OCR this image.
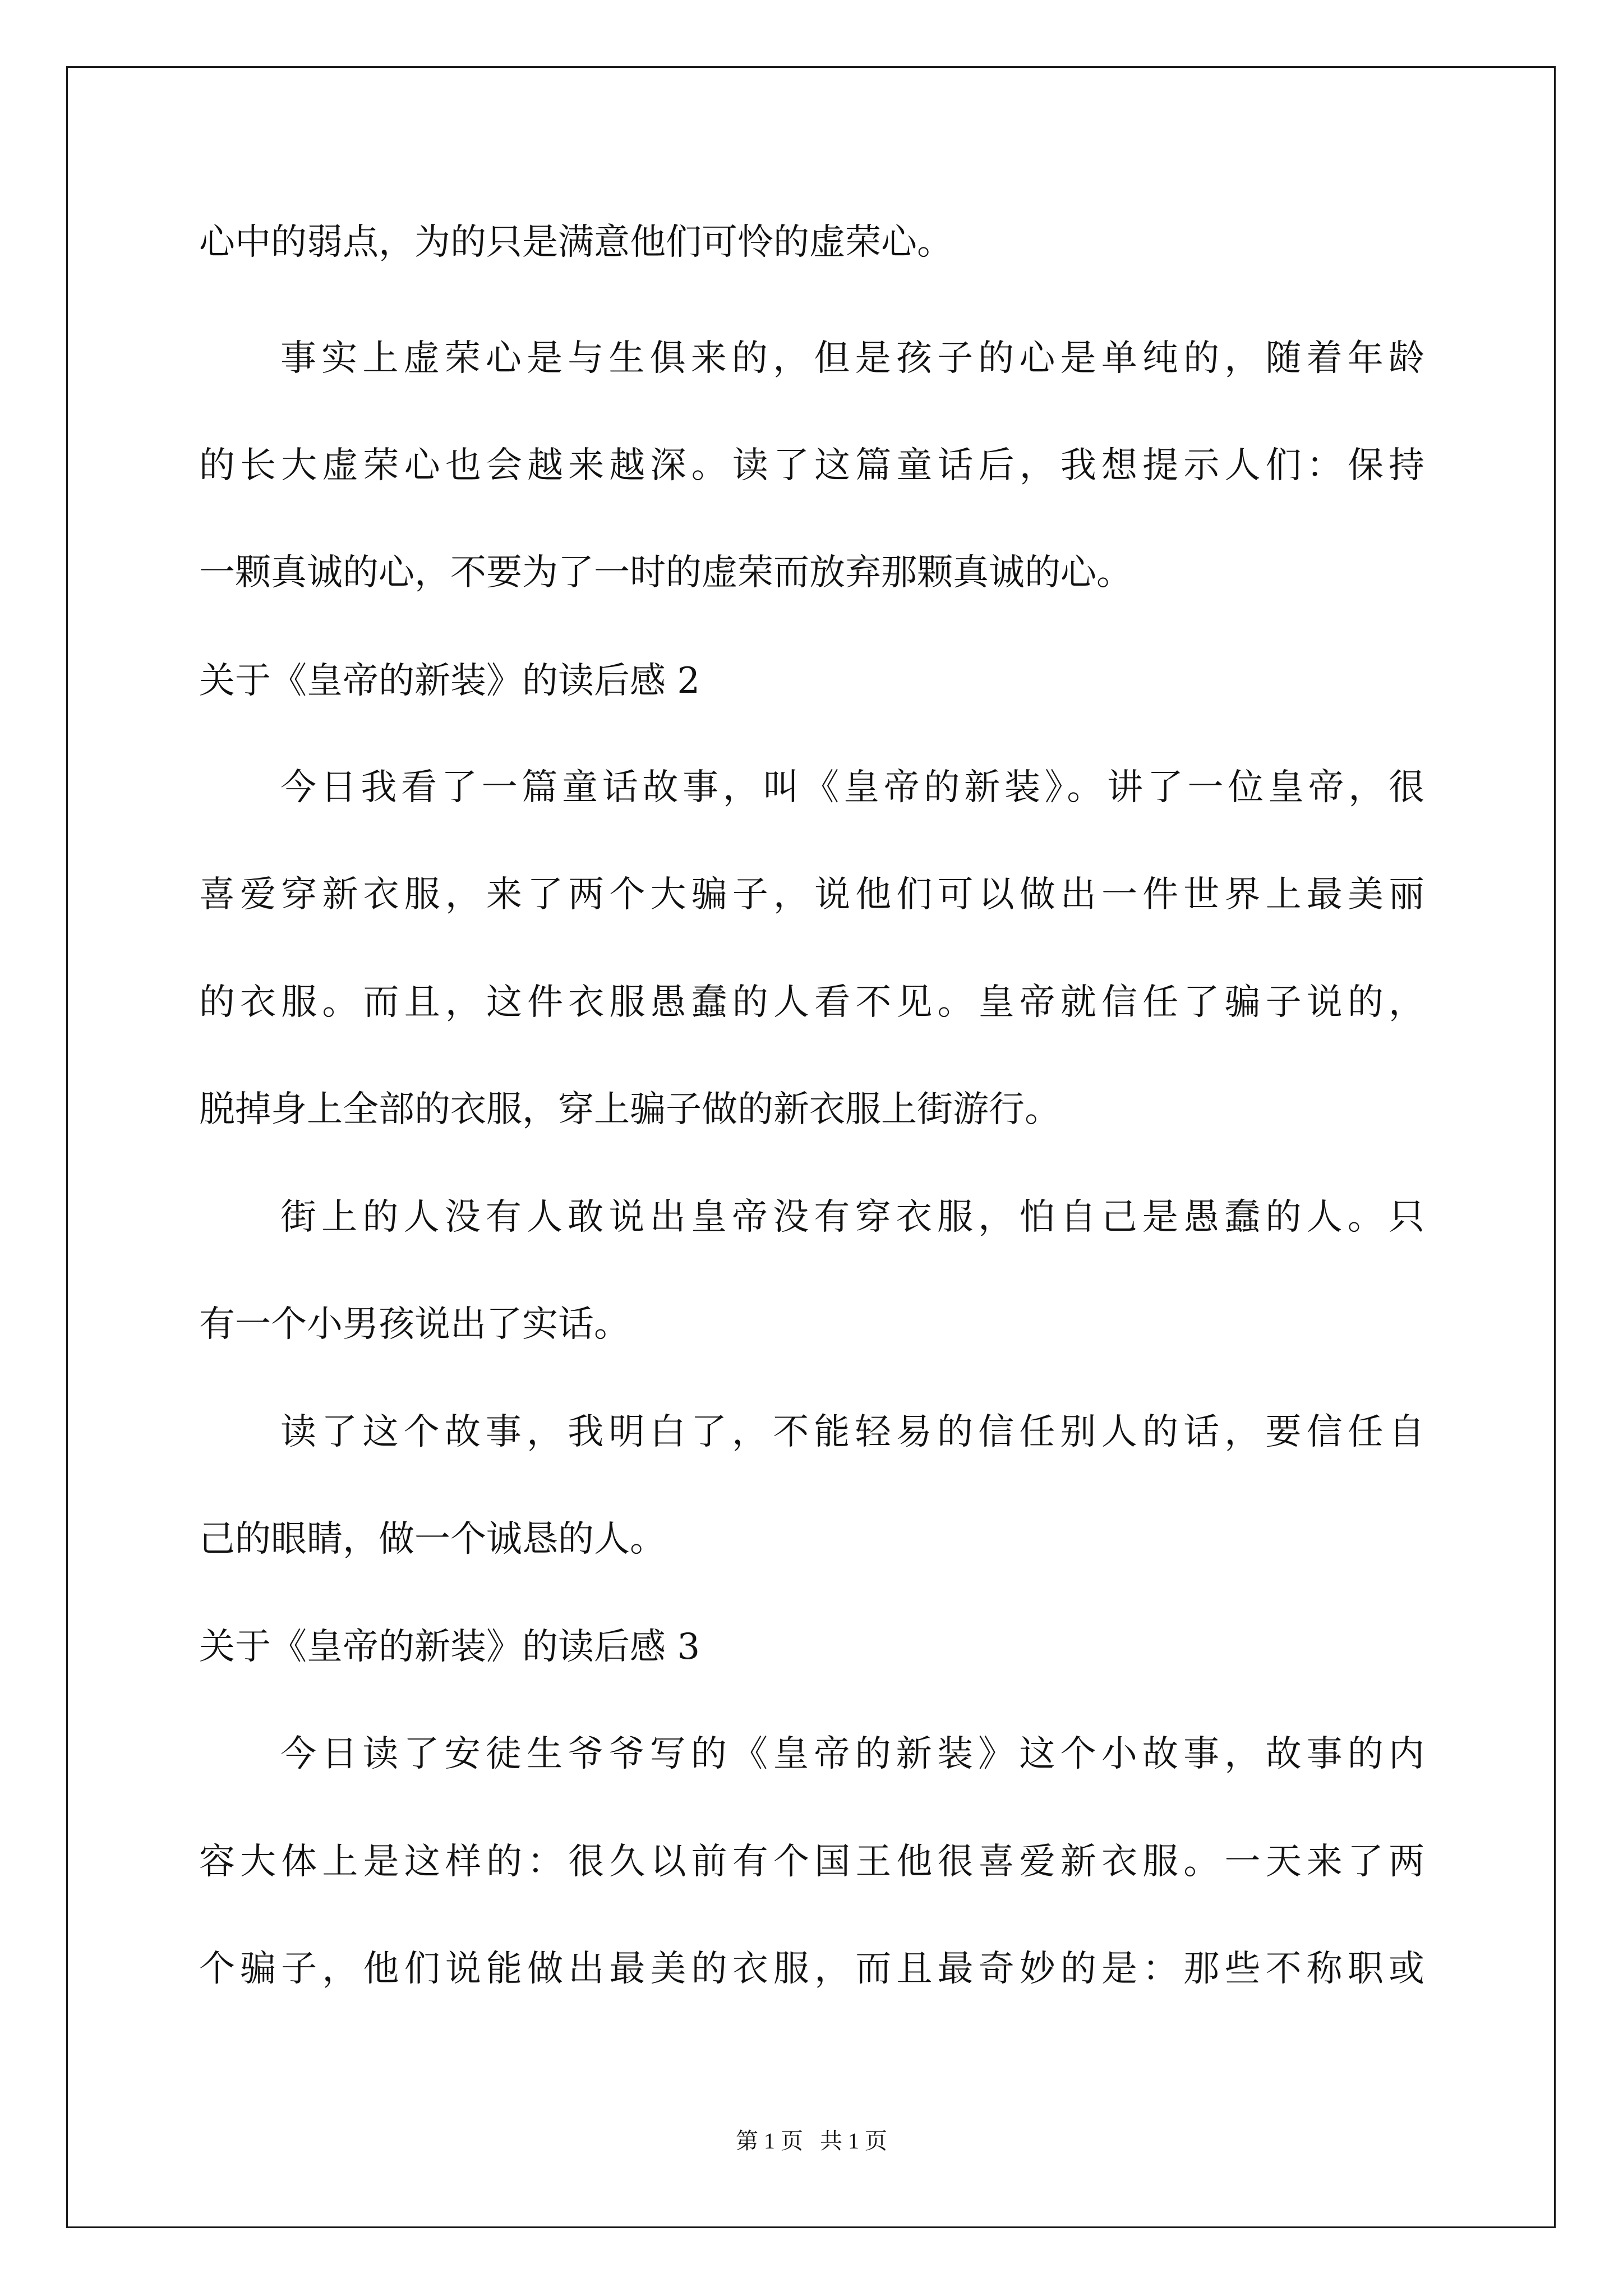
心中的弱点，为的只是满意他们可怜的虚荣心。

事实上虚荣心是与生俱来的，但是孩子的心是单纯的，随着年龄

的长大虚荣心也会越来越深。读了这篇童话后，我想提示人们：保持

一颗真诚的心，不要为了一时的虚荣而放弃那颗真诚的心。

关于《皇帝的新装》的读后感 2

今日我看了一篇童话故事，叫《皇帝的新装》。讲了一位皇帝，很

喜爱穿新衣服，来了两个大骗子，说他们可以做出一件世界上最美丽

的衣服。而且，这件衣服愚蠢的人看不见。皇帝就信任了骗子说的，

脱掉身上全部的衣服，穿上骗子做的新衣服上街游行。

街上的人没有人敢说出皇帝没有穿衣服，怕自己是愚蠢的人。只

有一个小男孩说出了实话。

读了这个故事，我明白了，不能轻易的信任别人的话，要信任自

己的眼睛，做一个诚恳的人。

关于《皇帝的新装》的读后感 3

今日读了安徒生爷爷写的《皇帝的新装》这个小故事，故事的内

容大体上是这样的：很久以前有个国王他很喜爱新衣服。一天来了两

个骗子，他们说能做出最美的衣服，而且最奇妙的是：那些不称职或

第 1 页   共 1 页
